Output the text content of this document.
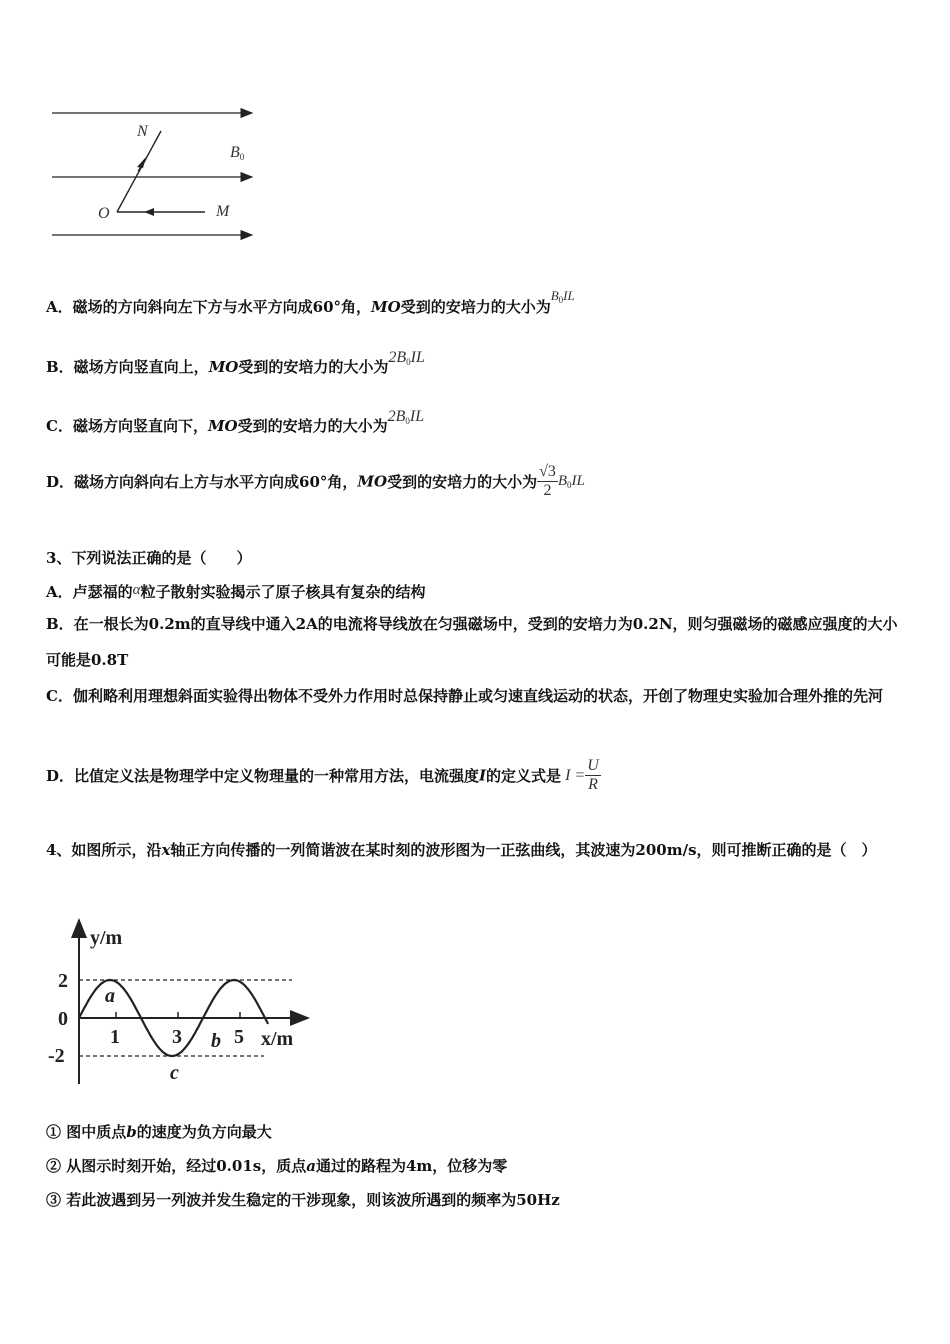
N
B0
O	M
A．磁场的方向斜向左下方与水平方向成60°角，MO受到的安培力的大小为$B_0IL$
B．磁场方向竖直向上，MO受到的安培力的大小为$2B_0IL$
C．磁场方向竖直向下，MO受到的安培力的大小为$2B_0IL$
D．磁场方向斜向右上方与水平方向成60°角，MO受到的安培力的大小为 $\frac{√3}{2} B_0IL$
3、下列说法正确的是（　　）
A．卢瑟福的α粒子散射实验揭示了原子核具有复杂的结构
B．在一根长为0.2m的直导线中通入2A的电流将导线放在匀强磁场中，受到的安培力为0.2N，则匀强磁场的磁感应强度的大小可能是0.8T
C．伽利略利用理想斜面实验得出物体不受外力作用时总保持静止或匀速直线运动的状态，开创了物理史实验加合理外推的先河
D．比值定义法是物理学中定义物理量的一种常用方法，电流强度I的定义式是 $I = \frac{U}{R}$
4、如图所示，沿x轴正方向传播的一列简谐波在某时刻的波形图为一正弦曲线，其波速为200m/s，则可推断正确的是（　）
y/m
x/m
2
0
-2
1	3	5
a
b
c
① 图中质点b的速度为负方向最大
② 从图示时刻开始，经过0.01s，质点a通过的路程为4m，位移为零
③ 若此波遇到另一列波并发生稳定的干涉现象，则该波所遇到的频率为50Hz
